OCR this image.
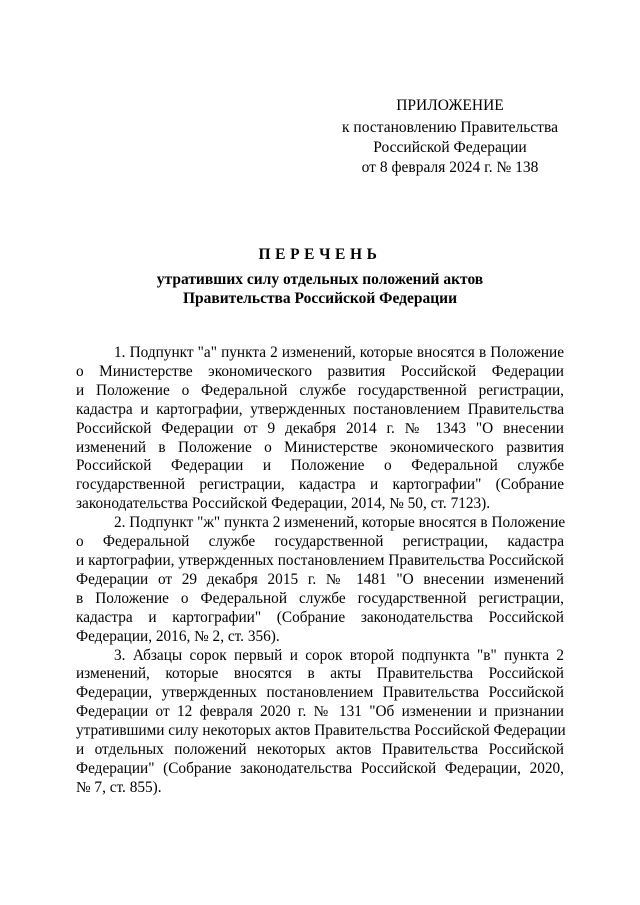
ПРИЛОЖЕНИЕ
к постановлению Правительства
Российской Федерации
от 8 февраля 2024 г. № 138
ПЕРЕЧЕНЬ
утративших силу отдельных положений актов
Правительства Российской Федерации
1. Подпункт "а" пункта 2 изменений, которые вносятся в Положение
о Министерстве экономического развития Российской Федерации
и Положение о Федеральной службе государственной регистрации,
кадастра и картографии, утвержденных постановлением Правительства
Российской Федерации от 9 декабря 2014 г. № 1343 "О внесении
изменений в Положение о Министерстве экономического развития
Российской Федерации и Положение о Федеральной службе
государственной регистрации, кадастра и картографии" (Собрание
законодательства Российской Федерации, 2014, № 50, ст. 7123).
2. Подпункт "ж" пункта 2 изменений, которые вносятся в Положение
о Федеральной службе государственной регистрации, кадастра
и картографии, утвержденных постановлением Правительства Российской
Федерации от 29 декабря 2015 г. № 1481 "О внесении изменений
в Положение о Федеральной службе государственной регистрации,
кадастра и картографии" (Собрание законодательства Российской
Федерации, 2016, № 2, ст. 356).
3. Абзацы сорок первый и сорок второй подпункта "в" пункта 2
изменений, которые вносятся в акты Правительства Российской
Федерации, утвержденных постановлением Правительства Российской
Федерации от 12 февраля 2020 г. № 131 "Об изменении и признании
утратившими силу некоторых актов Правительства Российской Федерации
и отдельных положений некоторых актов Правительства Российской
Федерации" (Собрание законодательства Российской Федерации, 2020,
№ 7, ст. 855).
